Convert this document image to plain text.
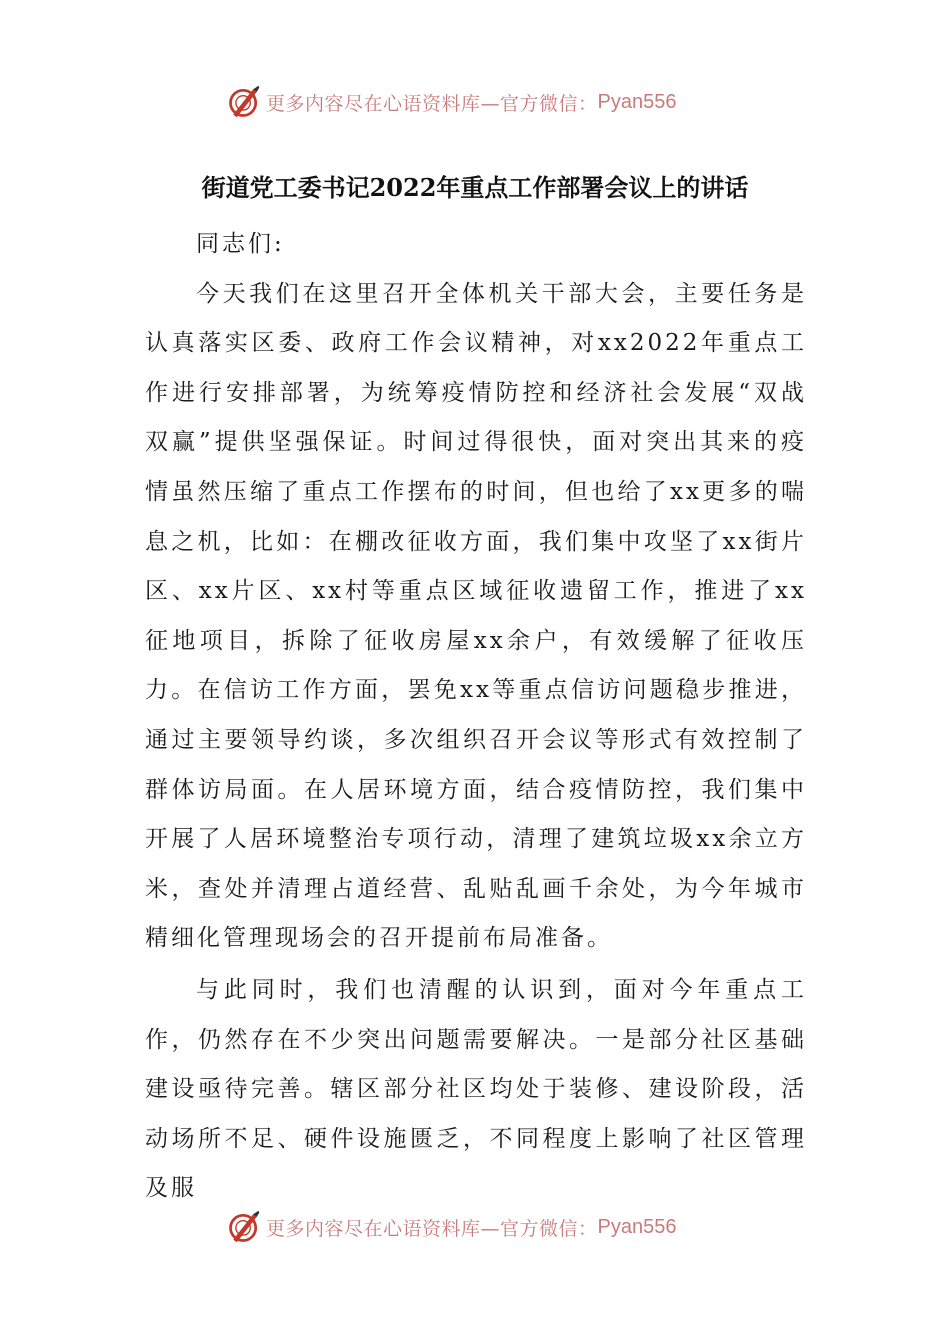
更多内容尽在心语资料库—官方微信： Pyan556
街道党工委书记2022年重点工作部署会议上的讲话

同志们:

今天我们在这里召开全体机关干部大会，主要任务是认真落实区委、政府工作会议精神，对xx2022年重点工作进行安排部署，为统筹疫情防控和经济社会发展“双战双赢”提供坚强保证。时间过得很快，面对突出其来的疫情虽然压缩了重点工作摆布的时间，但也给了xx更多的喘息之机，比如：在棚改征收方面，我们集中攻坚了xx街片区、xx片区、xx村等重点区域征收遗留工作，推进了xx征地项目，拆除了征收房屋xx余户，有效缓解了征收压力。在信访工作方面，罢免xx等重点信访问题稳步推进，通过主要领导约谈，多次组织召开会议等形式有效控制了群体访局面。在人居环境方面，结合疫情防控，我们集中开展了人居环境整治专项行动，清理了建筑垃圾xx余立方米，查处并清理占道经营、乱贴乱画千余处，为今年城市精细化管理现场会的召开提前布局准备。

与此同时，我们也清醒的认识到，面对今年重点工作，仍然存在不少突出问题需要解决。一是部分社区基础建设亟待完善。辖区部分社区均处于装修、建设阶段，活动场所不足、硬件设施匮乏，不同程度上影响了社区管理及服

更多内容尽在心语资料库—官方微信： Pyan556
